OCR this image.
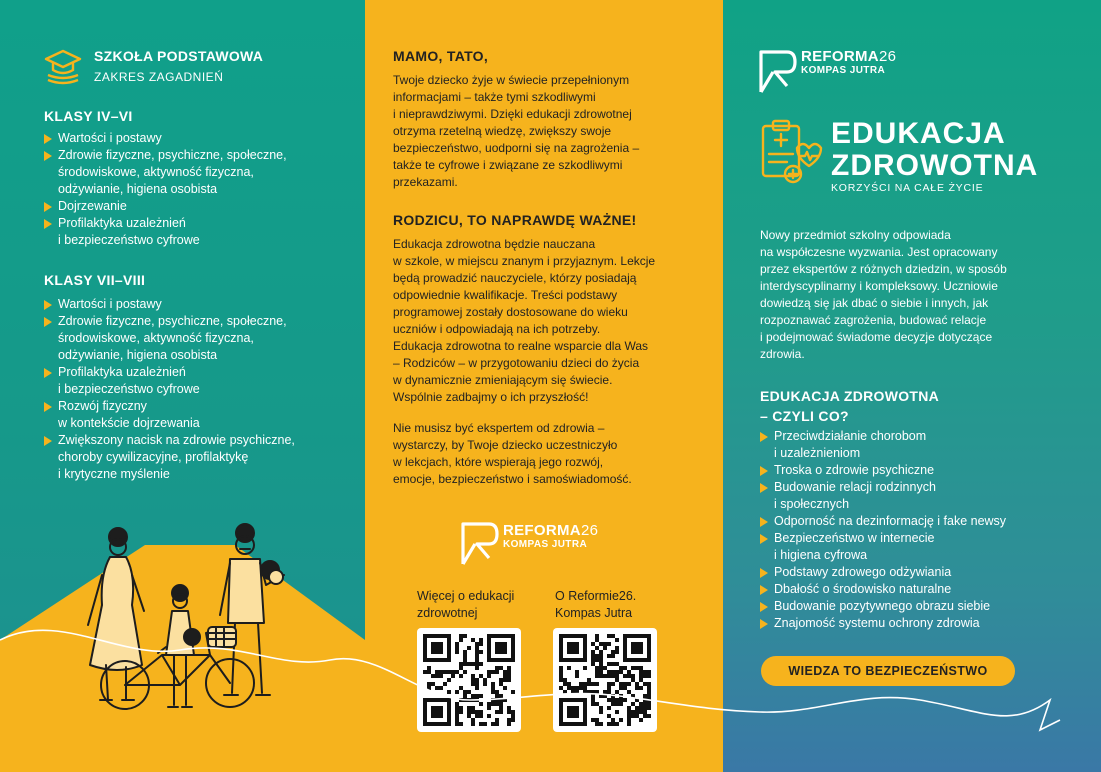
SZKOŁA PODSTAWOWA
ZAKRES ZAGADNIEŃ
KLASY IV–VI
Wartości i postawy
Zdrowie fizyczne, psychiczne, społeczne,
środowiskowe, aktywność fizyczna,
odżywianie, higiena osobista
Dojrzewanie
Profilaktyka uzależnień
i bezpieczeństwo cyfrowe
KLASY VII–VIII
Wartości i postawy
Zdrowie fizyczne, psychiczne, społeczne,
środowiskowe, aktywność fizyczna,
odżywianie, higiena osobista
Profilaktyka uzależnień
i bezpieczeństwo cyfrowe
Rozwój fizyczny
w kontekście dojrzewania
Zwiększony nacisk na zdrowie psychiczne,
choroby cywilizacyjne, profilaktykę
i krytyczne myślenie
MAMO, TATO,
Twoje dziecko żyje w świecie przepełnionym
informacjami – także tymi szkodliwymi
i nieprawdziwymi. Dzięki edukacji zdrowotnej
otrzyma rzetelną wiedzę, zwiększy swoje
bezpieczeństwo, uodporni się na zagrożenia –
także te cyfrowe i związane ze szkodliwymi
przekazami.
RODZICU, TO NAPRAWDĘ WAŻNE!
Edukacja zdrowotna będzie nauczana
w szkole, w miejscu znanym i przyjaznym. Lekcje
będą prowadzić nauczyciele, którzy posiadają
odpowiednie kwalifikacje. Treści podstawy
programowej zostały dostosowane do wieku
uczniów i odpowiadają na ich potrzeby.
Edukacja zdrowotna to realne wsparcie dla Was
– Rodziców – w przygotowaniu dzieci do życia
w dynamicznie zmieniającym się świecie.
Wspólnie zadbajmy o ich przyszłość!
Nie musisz być ekspertem od zdrowia –
wystarczy, by Twoje dziecko uczestniczyło
w lekcjach, które wspierają jego rozwój,
emocje, bezpieczeństwo i samoświadomość.
REFORMA26
KOMPAS JUTRA
Więcej o edukacji
zdrowotnej
O Reformie26.
Kompas Jutra
REFORMA26
KOMPAS JUTRA
EDUKACJA
ZDROWOTNA
KORZYŚCI NA CAŁE ŻYCIE
Nowy przedmiot szkolny odpowiada
na współczesne wyzwania. Jest opracowany
przez ekspertów z różnych dziedzin, w sposób
interdyscyplinarny i kompleksowy. Uczniowie
dowiedzą się jak dbać o siebie i innych, jak
rozpoznawać zagrożenia, budować relacje
i podejmować świadome decyzje dotyczące
zdrowia.
EDUKACJA ZDROWOTNA
– CZYLI CO?
Przeciwdziałanie chorobom
i uzależnieniom
Troska o zdrowie psychiczne
Budowanie relacji rodzinnych
i społecznych
Odporność na dezinformację i fake newsy
Bezpieczeństwo w internecie
i higiena cyfrowa
Podstawy zdrowego odżywiania
Dbałość o środowisko naturalne
Budowanie pozytywnego obrazu siebie
Znajomość systemu ochrony zdrowia
WIEDZA TO BEZPIECZEŃSTWO
